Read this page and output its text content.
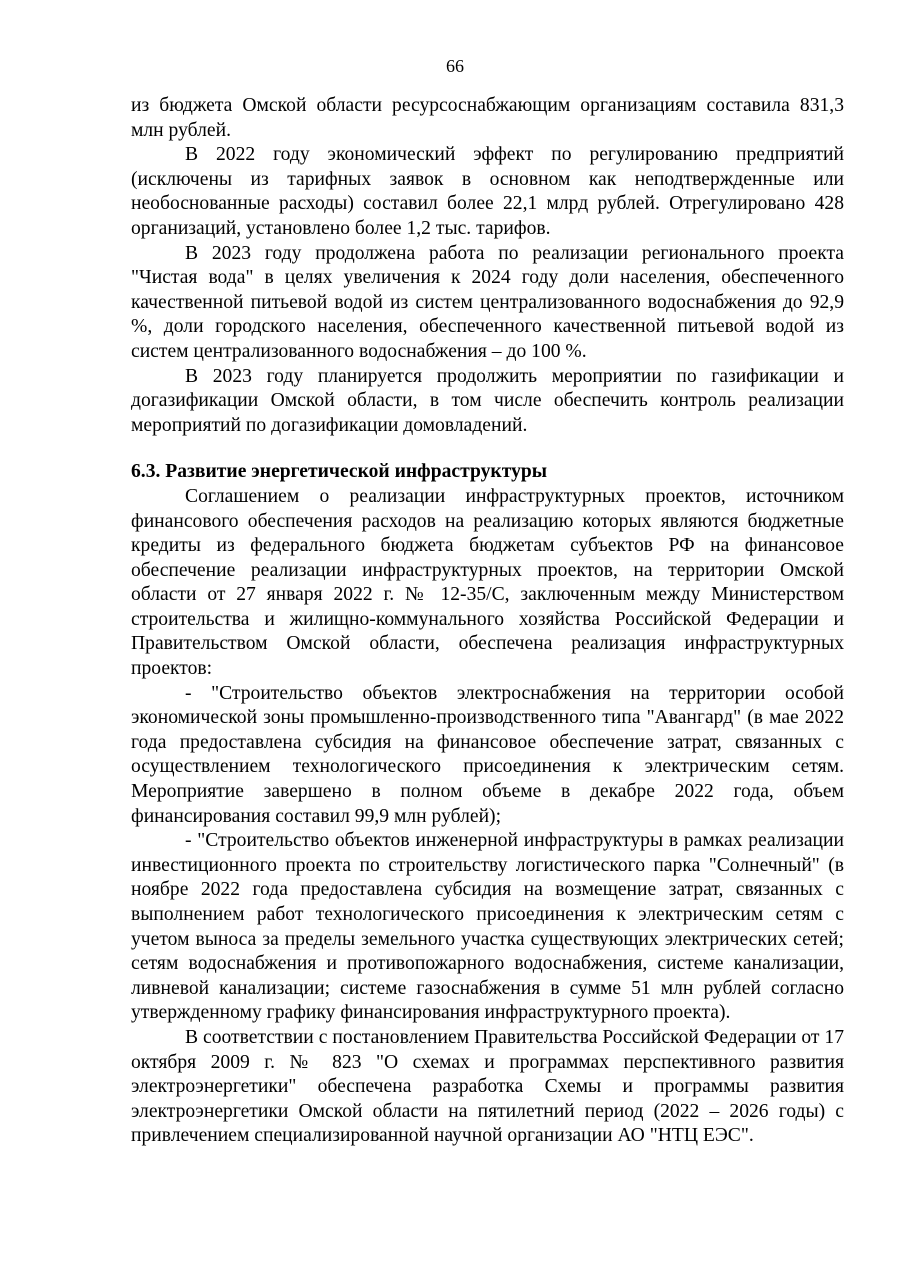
66

из бюджета Омской области ресурсоснабжающим организациям составила 831,3 млн рублей.

В 2022 году экономический эффект по регулированию предприятий (исключены из тарифных заявок в основном как неподтвержденные или необоснованные расходы) составил более 22,1 млрд рублей. Отрегулировано 428 организаций, установлено более 1,2 тыс. тарифов.

В 2023 году продолжена работа по реализации регионального проекта "Чистая вода" в целях увеличения к 2024 году доли населения, обеспеченного качественной питьевой водой из систем централизованного водоснабжения до 92,9 %, доли городского населения, обеспеченного качественной питьевой водой из систем централизованного водоснабжения – до 100 %.

В 2023 году планируется продолжить мероприятии по газификации и догазификации Омской области, в том числе обеспечить контроль реализации мероприятий по догазификации домовладений.

6.3. Развитие энергетической инфраструктуры

Соглашением о реализации инфраструктурных проектов, источником финансового обеспечения расходов на реализацию которых являются бюджетные кредиты из федерального бюджета бюджетам субъектов РФ на финансовое обеспечение реализации инфраструктурных проектов, на территории Омской области от 27 января 2022 г. № 12-35/С, заключенным между Министерством строительства и жилищно-коммунального хозяйства Российской Федерации и Правительством Омской области, обеспечена реализация инфраструктурных проектов:

- "Строительство объектов электроснабжения на территории особой экономической зоны промышленно-производственного типа "Авангард" (в мае 2022 года предоставлена субсидия на финансовое обеспечение затрат, связанных с осуществлением технологического присоединения к электрическим сетям. Мероприятие завершено в полном объеме в декабре 2022 года, объем финансирования составил 99,9 млн рублей);

- "Строительство объектов инженерной инфраструктуры в рамках реализации инвестиционного проекта по строительству логистического парка "Солнечный" (в ноябре 2022 года предоставлена субсидия на возмещение затрат, связанных с выполнением работ технологического присоединения к электрическим сетям с учетом выноса за пределы земельного участка существующих электрических сетей; сетям водоснабжения и противопожарного водоснабжения, системе канализации, ливневой канализации; системе газоснабжения в сумме 51 млн рублей согласно утвержденному графику финансирования инфраструктурного проекта).

В соответствии с постановлением Правительства Российской Федерации от 17 октября 2009 г. № 823 "О схемах и программах перспективного развития электроэнергетики" обеспечена разработка Схемы и программы развития электроэнергетики Омской области на пятилетний период (2022 – 2026 годы) с привлечением специализированной научной организации АО "НТЦ ЕЭС".
